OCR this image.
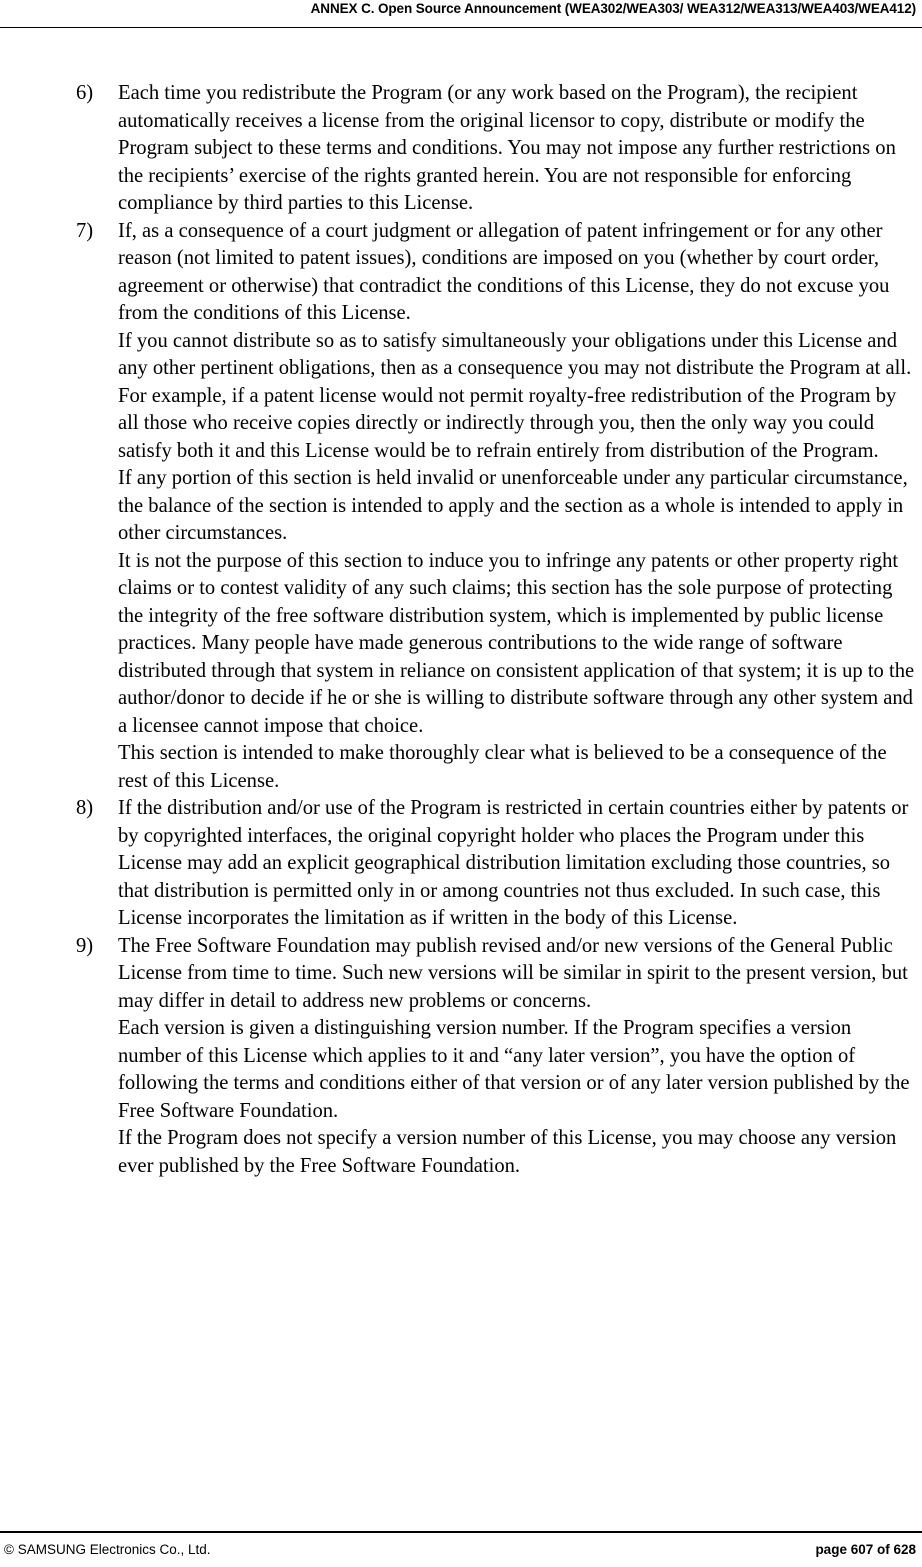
ANNEX C. Open Source Announcement (WEA302/WEA303/ WEA312/WEA313/WEA403/WEA412)
6) Each time you redistribute the Program (or any work based on the Program), the recipient automatically receives a license from the original licensor to copy, distribute or modify the Program subject to these terms and conditions. You may not impose any further restrictions on the recipients’ exercise of the rights granted herein. You are not responsible for enforcing compliance by third parties to this License.

7) If, as a consequence of a court judgment or allegation of patent infringement or for any other reason (not limited to patent issues), conditions are imposed on you (whether by court order, agreement or otherwise) that contradict the conditions of this License, they do not excuse you from the conditions of this License.

If you cannot distribute so as to satisfy simultaneously your obligations under this License and any other pertinent obligations, then as a consequence you may not distribute the Program at all. For example, if a patent license would not permit royalty-free redistribution of the Program by all those who receive copies directly or indirectly through you, then the only way you could satisfy both it and this License would be to refrain entirely from distribution of the Program.

If any portion of this section is held invalid or unenforceable under any particular circumstance, the balance of the section is intended to apply and the section as a whole is intended to apply in other circumstances.

It is not the purpose of this section to induce you to infringe any patents or other property right claims or to contest validity of any such claims; this section has the sole purpose of protecting the integrity of the free software distribution system, which is implemented by public license practices. Many people have made generous contributions to the wide range of software distributed through that system in reliance on consistent application of that system; it is up to the author/donor to decide if he or she is willing to distribute software through any other system and a licensee cannot impose that choice.

This section is intended to make thoroughly clear what is believed to be a consequence of the rest of this License.

8) If the distribution and/or use of the Program is restricted in certain countries either by patents or by copyrighted interfaces, the original copyright holder who places the Program under this License may add an explicit geographical distribution limitation excluding those countries, so that distribution is permitted only in or among countries not thus excluded. In such case, this License incorporates the limitation as if written in the body of this License.

9) The Free Software Foundation may publish revised and/or new versions of the General Public License from time to time. Such new versions will be similar in spirit to the present version, but may differ in detail to address new problems or concerns.

Each version is given a distinguishing version number. If the Program specifies a version number of this License which applies to it and “any later version”, you have the option of following the terms and conditions either of that version or of any later version published by the Free Software Foundation.

If the Program does not specify a version number of this License, you may choose any version ever published by the Free Software Foundation.

© SAMSUNG Electronics Co., Ltd.	page 607 of 628
